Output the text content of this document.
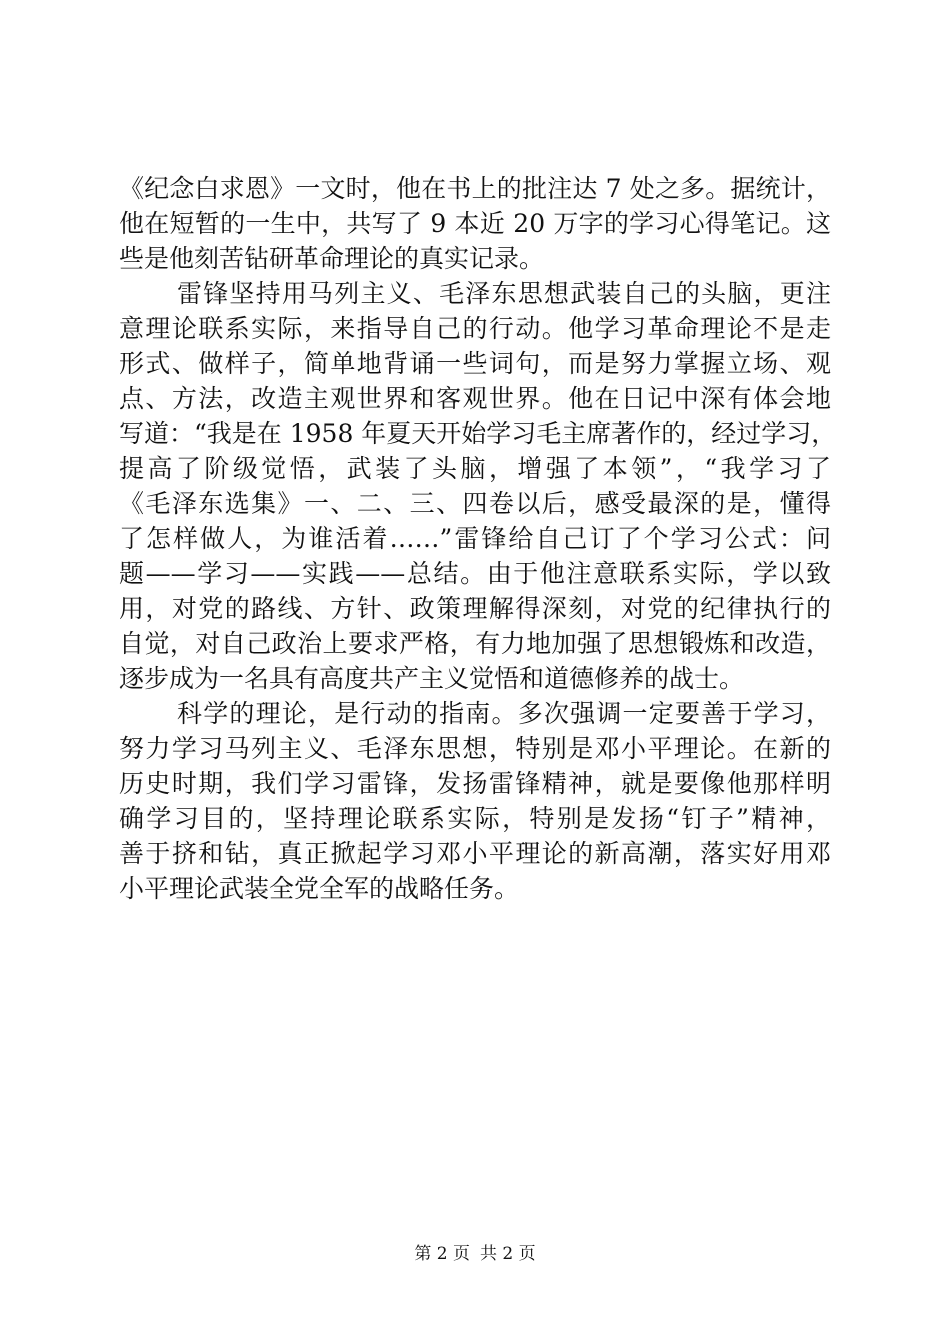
《纪念白求恩》一文时，他在书上的批注达 7 处之多。据统计，
他在短暂的一生中，共写了 9 本近 20 万字的学习心得笔记。这
些是他刻苦钻研革命理论的真实记录。
雷锋坚持用马列主义、毛泽东思想武装自己的头脑，更注
意理论联系实际，来指导自己的行动。他学习革命理论不是走
形式、做样子，简单地背诵一些词句，而是努力掌握立场、观
点、方法，改造主观世界和客观世界。他在日记中深有体会地
写道：“我是在 1958 年夏天开始学习毛主席著作的，经过学习，
提高了阶级觉悟，武装了头脑，增强了本领”，“我学习了
《毛泽东选集》一、二、三、四卷以后，感受最深的是，懂得
了怎样做人，为谁活着……”雷锋给自己订了个学习公式：问
题——学习——实践——总结。由于他注意联系实际，学以致
用，对党的路线、方针、政策理解得深刻，对党的纪律执行的
自觉，对自己政治上要求严格，有力地加强了思想锻炼和改造，
逐步成为一名具有高度共产主义觉悟和道德修养的战士。
科学的理论，是行动的指南。多次强调一定要善于学习，
努力学习马列主义、毛泽东思想，特别是邓小平理论。在新的
历史时期，我们学习雷锋，发扬雷锋精神，就是要像他那样明
确学习目的，坚持理论联系实际，特别是发扬“钉子”精神，
善于挤和钻，真正掀起学习邓小平理论的新高潮，落实好用邓
小平理论武装全党全军的战略任务。
第 2 页 共 2 页
